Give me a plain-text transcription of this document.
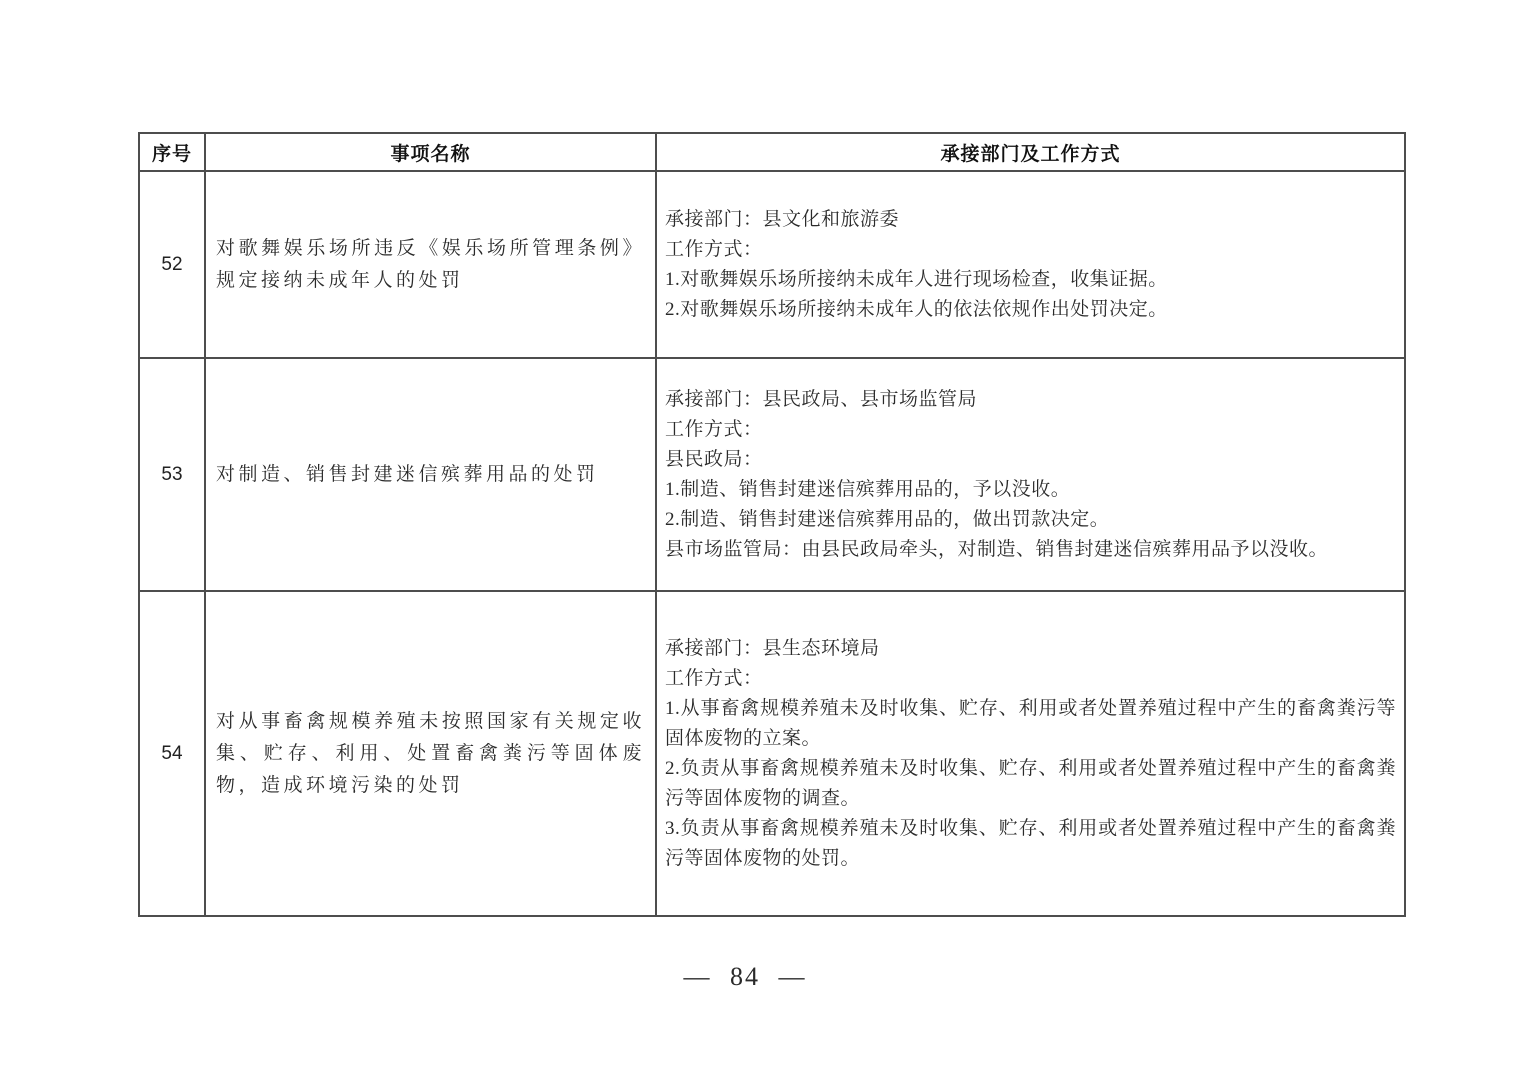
序号	事项名称	承接部门及工作方式
52	对歌舞娱乐场所违反《娱乐场所管理条例》规定接纳未成年人的处罚	承接部门：县文化和旅游委
工作方式：
1.对歌舞娱乐场所接纳未成年人进行现场检查，收集证据。
2.对歌舞娱乐场所接纳未成年人的依法依规作出处罚决定。

53	对制造、销售封建迷信殡葬用品的处罚	
承接部门：县民政局、县市场监管局
工作方式：
县民政局：
1.制造、销售封建迷信殡葬用品的，予以没收。
2.制造、销售封建迷信殡葬用品的，做出罚款决定。
县市场监管局：由县民政局牵头，对制造、销售封建迷信殡葬用品予以没收。

54	对从事畜禽规模养殖未按照国家有关规定收集、贮存、利用、处置畜禽粪污等固体废物，造成环境污染的处罚	承接部门：县生态环境局
工作方式：
1.从事畜禽规模养殖未及时收集、贮存、利用或者处置养殖过程中产生的畜禽粪污等固体废物的立案。
2.负责从事畜禽规模养殖未及时收集、贮存、利用或者处置养殖过程中产生的畜禽粪污等固体废物的调查。
3.负责从事畜禽规模养殖未及时收集、贮存、利用或者处置养殖过程中产生的畜禽粪污等固体废物的处罚。
— 84 —
